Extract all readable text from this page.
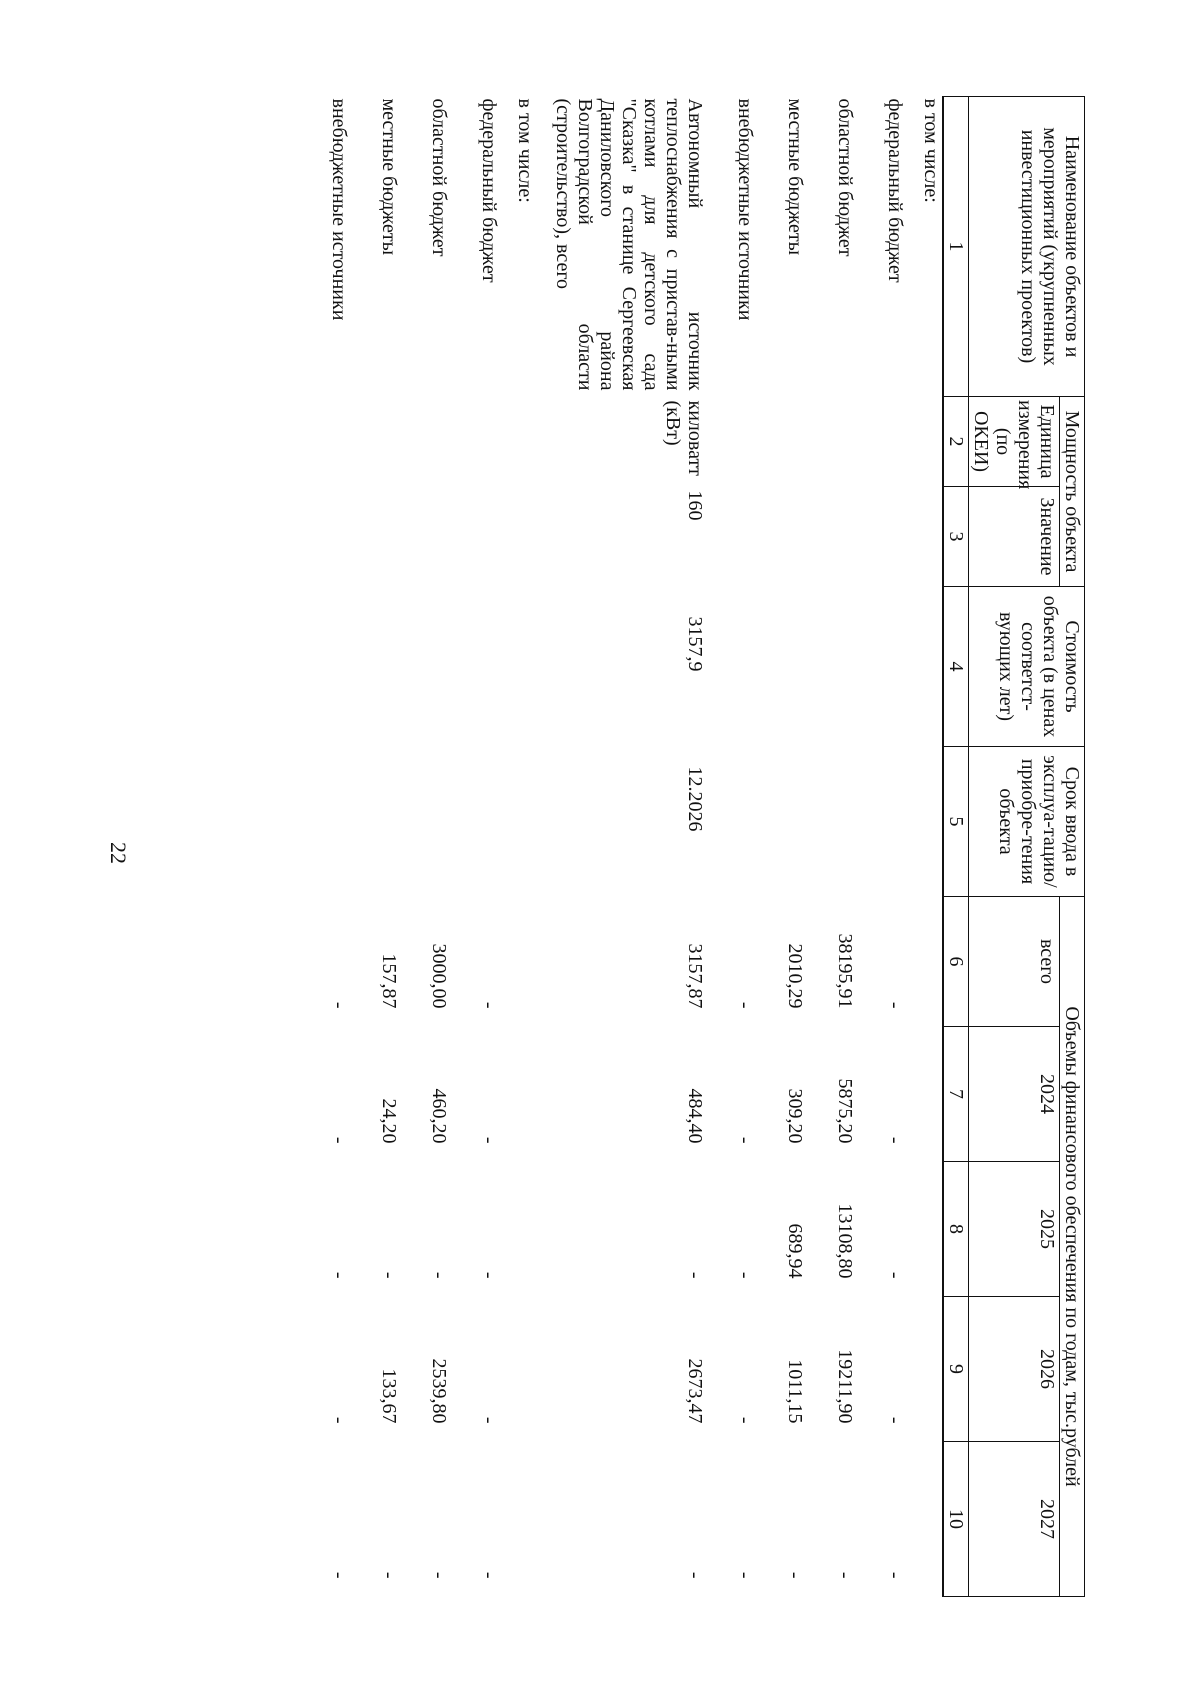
22
Наименование объектов и мероприятий (укрупненных инвестиционных проектов)	Мощность объекта		Стоимость объекта (в ценах соответст-вующих лет)	Срок ввода в эксплуа-тацию/ приобре-тения объекта	Объемы финансового обеспечения по годам, тыс.рублей				
	Единица измерения (по ОКЕИ)	Значение			всего	2024	2025	2026	2027
1	2	3	4	5	6	7	8	9	10
в том числе:									
федеральный бюджет					-	-	-	-	-
областной бюджет					38195,91	5875,20	13108,80	19211,90	-
местные бюджеты					2010,29	309,20	689,94	1011,15	-
внебюджетные источники					-	-	-	-	-
Автономный источник теплоснабжения с пристав-ными котлами для детского сада "Сказка" в станице Сергеевская Даниловского района Волгоградской области (строительство), всего	киловатт (кВт)	160	3157,9	12.2026	3157,87	484,40	-	2673,47	-
в том числе:									
федеральный бюджет					-	-	-	-	-
областной бюджет					3000,00	460,20	-	2539,80	-
местные бюджеты					157,87	24,20	-	133,67	-
внебюджетные источники					-	-	-	-	-
